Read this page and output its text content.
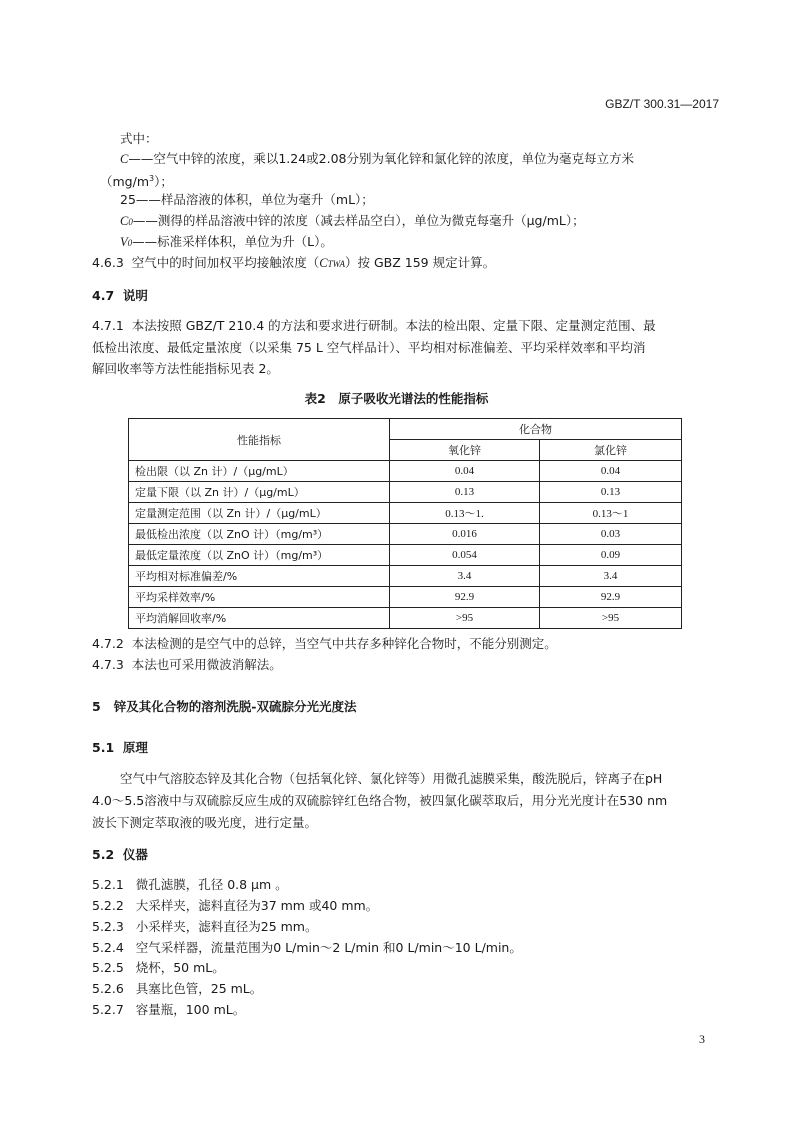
GBZ/T 300.31—2017
式中：
C——空气中锌的浓度，乘以1.24或2.08分别为氧化锌和氯化锌的浓度，单位为毫克每立方米
$(mg/m^3)$；
25——样品溶液的体积，单位为毫升（mL）；
C0——测得的样品溶液中锌的浓度（减去样品空白），单位为微克每毫升（μg/mL）；
V0——标准采样体积，单位为升（L）。
4.6.3 空气中的时间加权平均接触浓度（CTWA）按 GBZ 159 规定计算。
4.7 说明
4.7.1 本法按照 GBZ/T 210.4 的方法和要求进行研制。本法的检出限、定量下限、定量测定范围、最
低检出浓度、最低定量浓度（以采集 75 L 空气样品计）、平均相对标准偏差、平均采样效率和平均消
解回收率等方法性能指标见表 2。
表2　原子吸收光谱法的性能指标
性能指标	化合物	
	氧化锌	氯化锌
检出限（以 Zn 计）/（μg/mL）	0.04	0.04
定量下限（以 Zn 计）/（μg/mL）	0.13	0.13
定量测定范围（以 Zn 计）/（μg/mL）	0.13～1.	0.13～1
最低检出浓度（以 ZnO 计）（mg/m³）	0.016	0.03
最低定量浓度（以 ZnO 计）（mg/m³）	0.054	0.09
平均相对标准偏差/%	3.4	3.4
平均采样效率/%	92.9	92.9
平均消解回收率/%	>95	>95
4.7.2 本法检测的是空气中的总锌，当空气中共存多种锌化合物时，不能分别测定。
4.7.3 本法也可采用微波消解法。
5 锌及其化合物的溶剂洗脱-双硫腙分光光度法
5.1 原理
空气中气溶胶态锌及其化合物（包括氧化锌、氯化锌等）用微孔滤膜采集，酸洗脱后，锌离子在pH
4.0～5.5溶液中与双硫腙反应生成的双硫腙锌红色络合物，被四氯化碳萃取后，用分光光度计在530 nm
波长下测定萃取液的吸光度，进行定量。
5.2 仪器
5.2.1 微孔滤膜，孔径 0.8 μm 。
5.2.2 大采样夹，滤料直径为37 mm 或40 mm。
5.2.3 小采样夹，滤料直径为25 mm。
5.2.4 空气采样器，流量范围为0 L/min～2 L/min 和0 L/min～10 L/min。
5.2.5 烧杯，50 mL。
5.2.6 具塞比色管，25 mL。
5.2.7 容量瓶，100 mL。
3
